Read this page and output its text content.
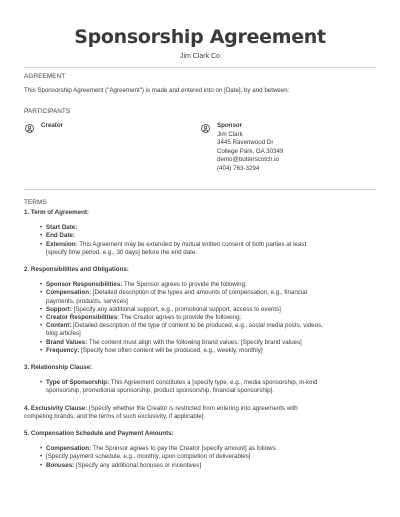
Sponsorship Agreement
Jim Clark Co
AGREEMENT
This Sponsorship Agreement ("Agreement") is made and entered into on [Date], by and between:
PARTICIPANTS
Creator	Sponsor
Jim Clark
3445 Ravenwood Dr
College Park, GA 30349
demo@butterscotch.io
(404) 763-3294
TERMS
1. Term of Agreement:
• Start Date:
• End Date:
• Extension: This Agreement may be extended by mutual written consent of both parties at least
[specify time period, e.g., 30 days] before the end date.
2. Responsibilities and Obligations:
• Sponsor Responsibilities: The Sponsor agrees to provide the following:
• Compensation: [Detailed description of the types and amounts of compensation, e.g., financial
payments, products, services]
• Support: [Specify any additional support, e.g., promotional support, access to events]
• Creator Responsibilities: The Creator agrees to provide the following:
• Content: [Detailed description of the type of content to be produced, e.g., social media posts, videos,
blog articles]
• Brand Values: The content must align with the following brand values: [Specify brand values]
• Frequency: [Specify how often content will be produced, e.g., weekly, monthly]
3. Relationship Clause:
• Type of Sponsorship: This Agreement constitutes a [specify type, e.g., media sponsorship, in-kind
sponsorship, promotional sponsorship, product sponsorship, financial sponsorship].

4. Exclusivity Clause: [Specify whether the Creator is restricted from entering into agreements with
competing brands, and the terms of such exclusivity, if applicable].

5. Compensation Schedule and Payment Amounts:
• Compensation: The Sponsor agrees to pay the Creator [specify amount] as follows:
• [Specify payment schedule, e.g., monthly, upon completion of deliverables]
• Bonuses: [Specify any additional bonuses or incentives]
